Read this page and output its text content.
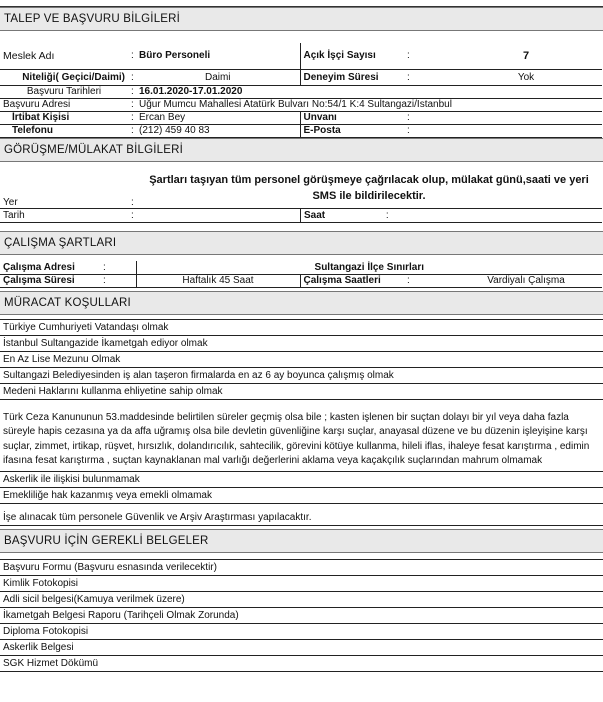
TALEP VE BAŞVURU BİLGİLERİ
Meslek Adı	:	Büro Personeli	Açık İşçi Sayısı	:	7
Niteliği( Geçici/Daimi)	:	Daimi	Deneyim Süresi	:	Yok
Başvuru Tarihleri	:	16.01.2020-17.01.2020			
Başvuru Adresi	:	Uğur Mumcu Mahallesi Atatürk Bulvarı No:54/1 K:4 Sultangazi/İstanbul			
İrtibat Kişisi	:	Ercan Bey	Unvanı	:	
Telefonu	:	(212) 459 40 83	E-Posta	:	
GÖRÜŞME/MÜLAKAT BİLGİLERİ
Yer	:	Şartları taşıyan tüm personel görüşmeye çağrılacak olup, mülakat günü,saati ve yeri SMS ile bildirilecektir.
Tarih	:	Saat :
ÇALIŞMA ŞARTLARI
Çalışma Adresi	:	Sultangazi İlçe Sınırları			
Çalışma Süresi	:	Haftalık 45 Saat	Çalışma Saatleri	:	Vardiyalı Çalışma
MÜRACAT KOŞULLARI
Türkiye Cumhuriyeti Vatandaşı olmak
İstanbul Sultangazide İkametgah ediyor olmak
En Az Lise Mezunu Olmak
Sultangazi Belediyesinden iş alan taşeron firmalarda en az 6 ay boyunca çalışmış olmak
Medeni Haklarını kullanma ehliyetine sahip olmak
Türk Ceza Kanununun 53.maddesinde belirtilen süreler geçmiş olsa bile ; kasten işlenen bir suçtan dolayı bir yıl veya daha fazla süreyle hapis cezasına ya da affa uğramış olsa bile devletin güvenliğine karşı suçlar, anayasal düzene ve bu düzenin işleyişine karşı suçlar, zimmet, irtikap, rüşvet, hırsızlık, dolandırıcılık, sahtecilik, görevini kötüye kullanma, hileli iflas, ihaleye fesat karıştırma , edimin ifasına fesat karıştırma , suçtan kaynaklanan mal varlığı değerlerini aklama veya kaçakçılık suçlarından mahrum olmamak
Askerlik ile ilişkisi bulunmamak
Emekliliğe hak kazanmış veya emekli olmamak
İşe alınacak tüm personele Güvenlik ve Arşiv Araştırması yapılacaktır.
BAŞVURU İÇİN GEREKLİ BELGELER
Başvuru Formu (Başvuru esnasında verilecektir)
Kimlik Fotokopisi
Adli sicil belgesi(Kamuya verilmek üzere)
İkametgah Belgesi Raporu (Tarihçeli Olmak Zorunda)
Diploma Fotokopisi
Askerlik Belgesi
SGK Hizmet Dökümü
